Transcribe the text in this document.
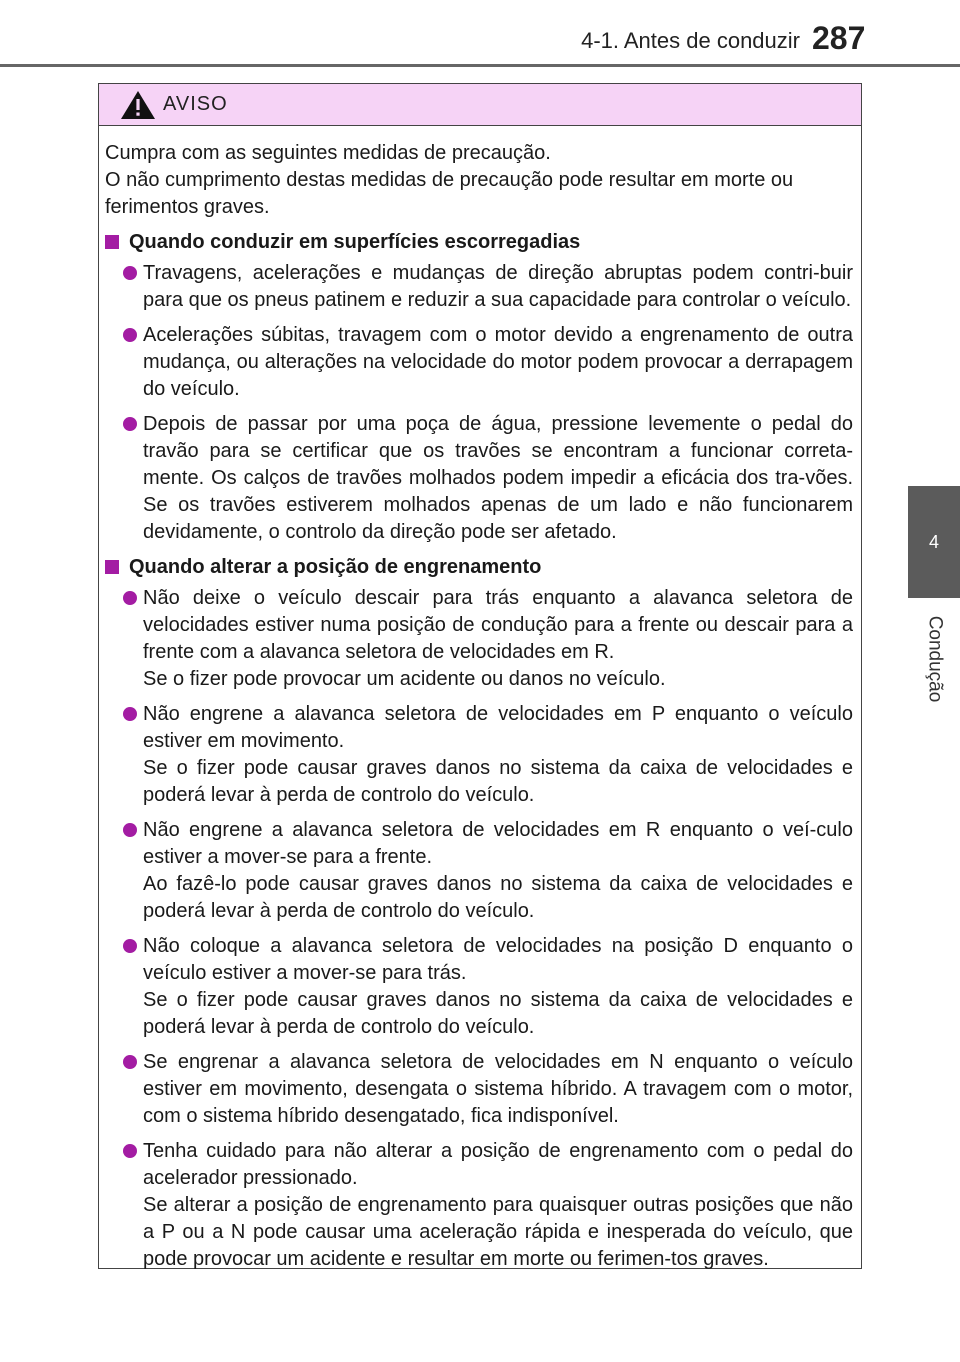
4-1. Antes de conduzir 287
4
Condução
AVISO

Cumpra com as seguintes medidas de precaução.
O não cumprimento destas medidas de precaução pode resultar em morte ou ferimentos graves.

Quando conduzir em superfícies escorregadias
Travagens, acelerações e mudanças de direção abruptas podem contri-buir para que os pneus patinem e reduzir a sua capacidade para controlar o veículo.
Acelerações súbitas, travagem com o motor devido a engrenamento de outra mudança, ou alterações na velocidade do motor podem provocar a derrapagem do veículo.
Depois de passar por uma poça de água, pressione levemente o pedal do travão para se certificar que os travões se encontram a funcionar correta-mente. Os calços de travões molhados podem impedir a eficácia dos tra-vões. Se os travões estiverem molhados apenas de um lado e não funcionarem devidamente, o controlo da direção pode ser afetado.
Quando alterar a posição de engrenamento
Não deixe o veículo descair para trás enquanto a alavanca seletora de velocidades estiver numa posição de condução para a frente ou descair para a frente com a alavanca seletora de velocidades em R.
Se o fizer pode provocar um acidente ou danos no veículo.
Não engrene a alavanca seletora de velocidades em P enquanto o veículo estiver em movimento.
Se o fizer pode causar graves danos no sistema da caixa de velocidades e poderá levar à perda de controlo do veículo.
Não engrene a alavanca seletora de velocidades em R enquanto o veí-culo estiver a mover-se para a frente.
Ao fazê-lo pode causar graves danos no sistema da caixa de velocidades e poderá levar à perda de controlo do veículo.
Não coloque a alavanca seletora de velocidades na posição D enquanto o veículo estiver a mover-se para trás.
Se o fizer pode causar graves danos no sistema da caixa de velocidades e poderá levar à perda de controlo do veículo.
Se engrenar a alavanca seletora de velocidades em N enquanto o veículo estiver em movimento, desengata o sistema híbrido. A travagem com o motor, com o sistema híbrido desengatado, fica indisponível.
Tenha cuidado para não alterar a posição de engrenamento com o pedal do acelerador pressionado.
Se alterar a posição de engrenamento para quaisquer outras posições que não a P ou a N pode causar uma aceleração rápida e inesperada do veículo, que pode provocar um acidente e resultar em morte ou ferimen-tos graves.
